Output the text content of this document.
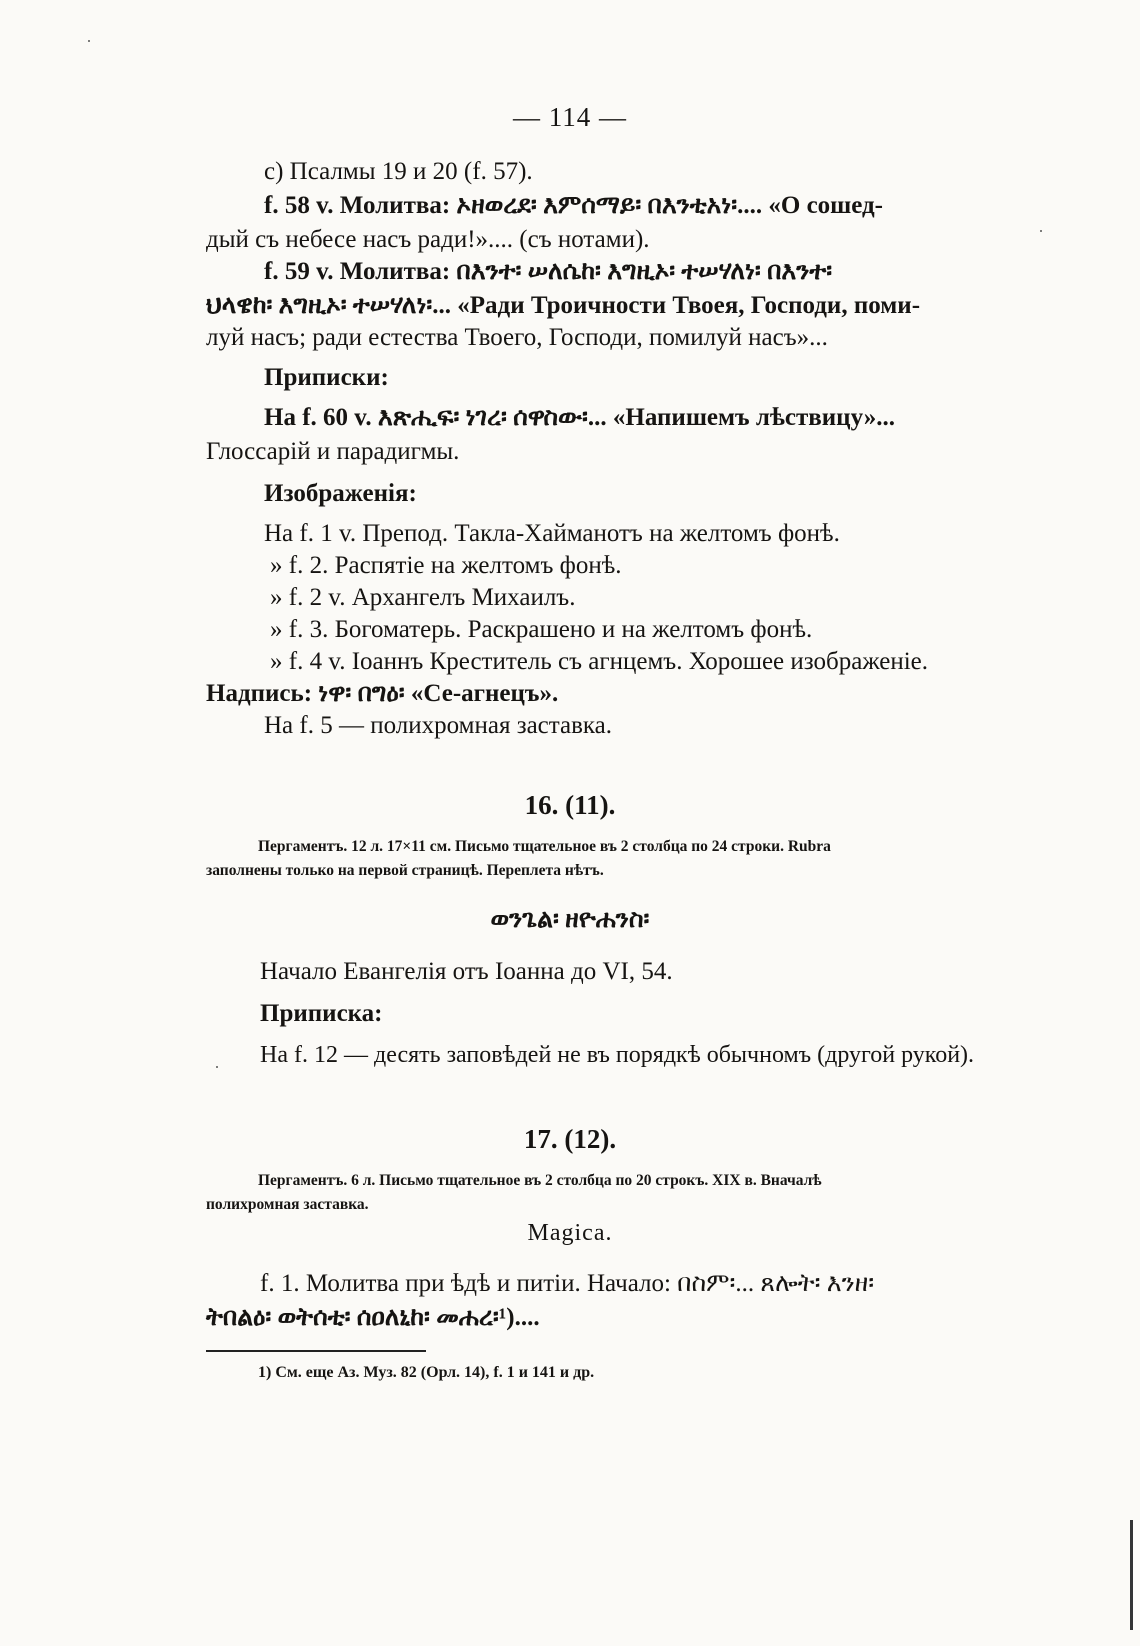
— 114 —
c) Псалмы 19 и 20 (f. 57).
f. 58 v. Молитва: ኦዘወረደ፡ እምሰማይ፡ በእንቲአነ፡.... «О сошед-
дый съ небесе насъ ради!».... (съ нотами).
f. 59 v. Молитва: በእንተ፡ ሠለሴከ፡ እግዚኦ፡ ተሠሃለነ፡ በእንተ፡
ህላዌከ፡ እግዚኦ፡ ተሠሃለነ፡... «Ради Троичности Твоея, Господи, поми-
луй насъ; ради естества Твоего, Господи, помилуй насъ»...
Приписки:
На f. 60 v. እጽሒፍ፡ ነገረ፡ ሰዋስው፡... «Напишемъ лѣствицу»...
Глоссарій и парадигмы.
Изображенія:
На f. 1 v. Препод. Такла-Хайманотъ на желтомъ фонѣ.
» f. 2. Распятіе на желтомъ фонѣ.
» f. 2 v. Архангелъ Михаилъ.
» f. 3. Богоматерь. Раскрашено и на желтомъ фонѣ.
» f. 4 v. Іоаннъ Креститель съ агнцемъ. Хорошее изображеніе.
Надпись: ነዋ፡ በግዕ፡ «Се-агнецъ».
На f. 5 — полихромная заставка.
16. (11).
Пергаментъ. 12 л. 17×11 см. Письмо тщательное въ 2 столбца по 24 строки. Rubra
заполнены только на первой страницѣ. Переплета нѣтъ.
ወንጌል፡ ዘዮሐንስ፡
Начало Евангелія отъ Іоанна до VI, 54.
Приписка:
На f. 12 — десять заповѣдей не въ порядкѣ обычномъ (другой рукой).
17. (12).
Пергаментъ. 6 л. Письмо тщательное въ 2 столбца по 20 строкъ. XIX в. Вначалѣ
полихромная заставка.
Magica.
f. 1. Молитва при ѣдѣ и питіи. Начало: በስም፡... ጸሎት፡ እንዘ፡
ትበልዕ፡ ወትሰቲ፡ ሰዐለኒከ፡ መሐረ፡¹)....
1) См. еще Аз. Муз. 82 (Орл. 14), f. 1 и 141 и др.
